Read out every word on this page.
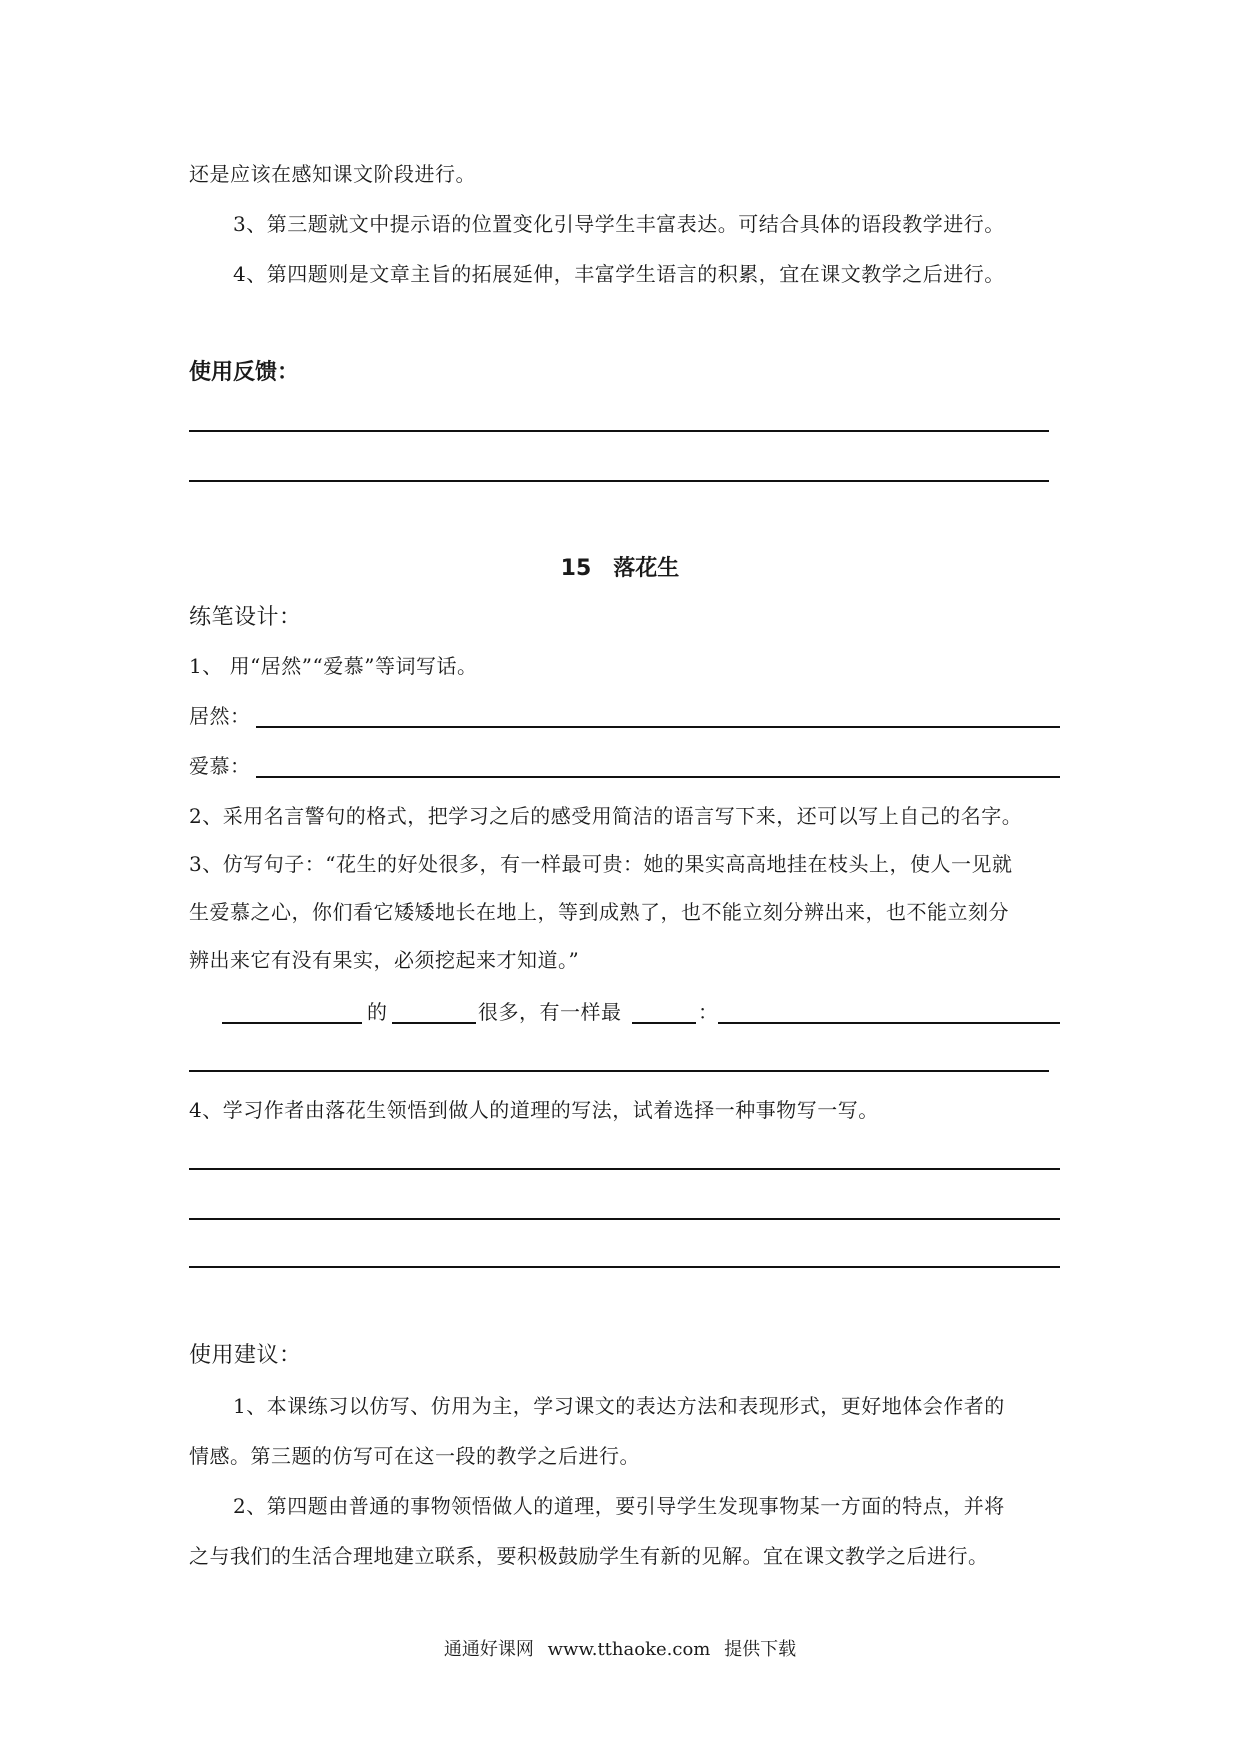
还是应该在感知课文阶段进行。
3、第三题就文中提示语的位置变化引导学生丰富表达。可结合具体的语段教学进行。
4、第四题则是文章主旨的拓展延伸，丰富学生语言的积累，宜在课文教学之后进行。
使用反馈：
15 落花生
练笔设计：
1、 用“居然”“爱慕”等词写话。
居然：
爱慕：
2、采用名言警句的格式，把学习之后的感受用简洁的语言写下来，还可以写上自己的名字。
3、仿写句子：“花生的好处很多，有一样最可贵：她的果实高高地挂在枝头上，使人一见就
生爱慕之心，你们看它矮矮地长在地上，等到成熟了，也不能立刻分辨出来，也不能立刻分
辨出来它有没有果实，必须挖起来才知道。”
的	很多，有一样最	：
4、学习作者由落花生领悟到做人的道理的写法，试着选择一种事物写一写。
使用建议：
1、本课练习以仿写、仿用为主，学习课文的表达方法和表现形式，更好地体会作者的
情感。第三题的仿写可在这一段的教学之后进行。
2、第四题由普通的事物领悟做人的道理，要引导学生发现事物某一方面的特点，并将
之与我们的生活合理地建立联系，要积极鼓励学生有新的见解。宜在课文教学之后进行。
通通好课网 www.tthaoke.com 提供下载
